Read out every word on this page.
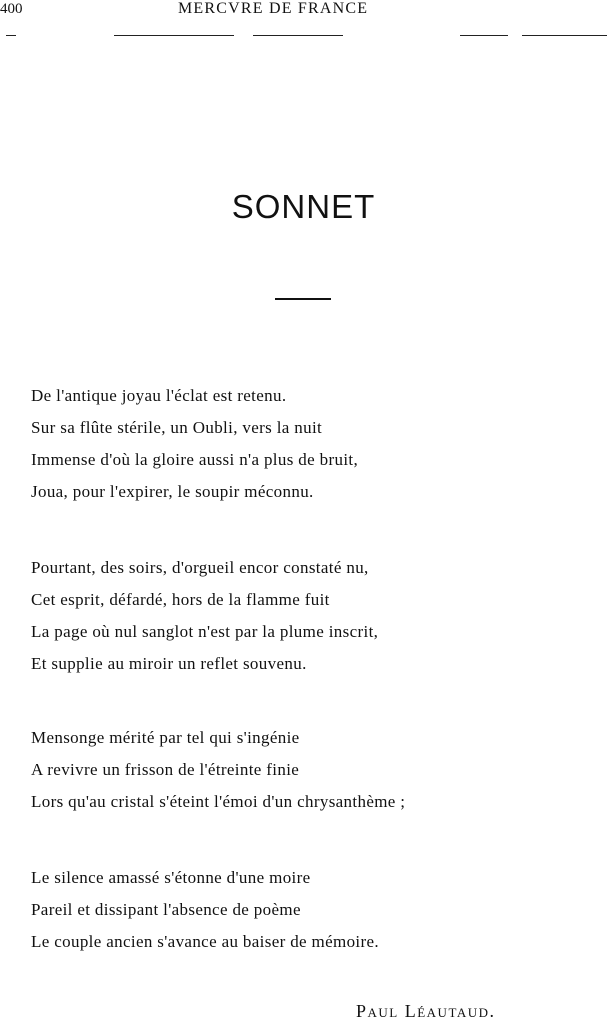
400	MERCVRE DE FRANCE
SONNET
De l'antique joyau l'éclat est retenu.
Sur sa flûte stérile, un Oubli, vers la nuit
Immense d'où la gloire aussi n'a plus de bruit,
Joua, pour l'expirer, le soupir méconnu.
Pourtant, des soirs, d'orgueil encor constaté nu,
Cet esprit, défardé, hors de la flamme fuit
La page où nul sanglot n'est par la plume inscrit,
Et supplie au miroir un reflet souvenu.
Mensonge mérité par tel qui s'ingénie
A revivre un frisson de l'étreinte finie
Lors qu'au cristal s'éteint l'émoi d'un chrysanthème ;
Le silence amassé s'étonne d'une moire
Pareil et dissipant l'absence de poème
Le couple ancien s'avance au baiser de mémoire.
Paul Léautaud.
